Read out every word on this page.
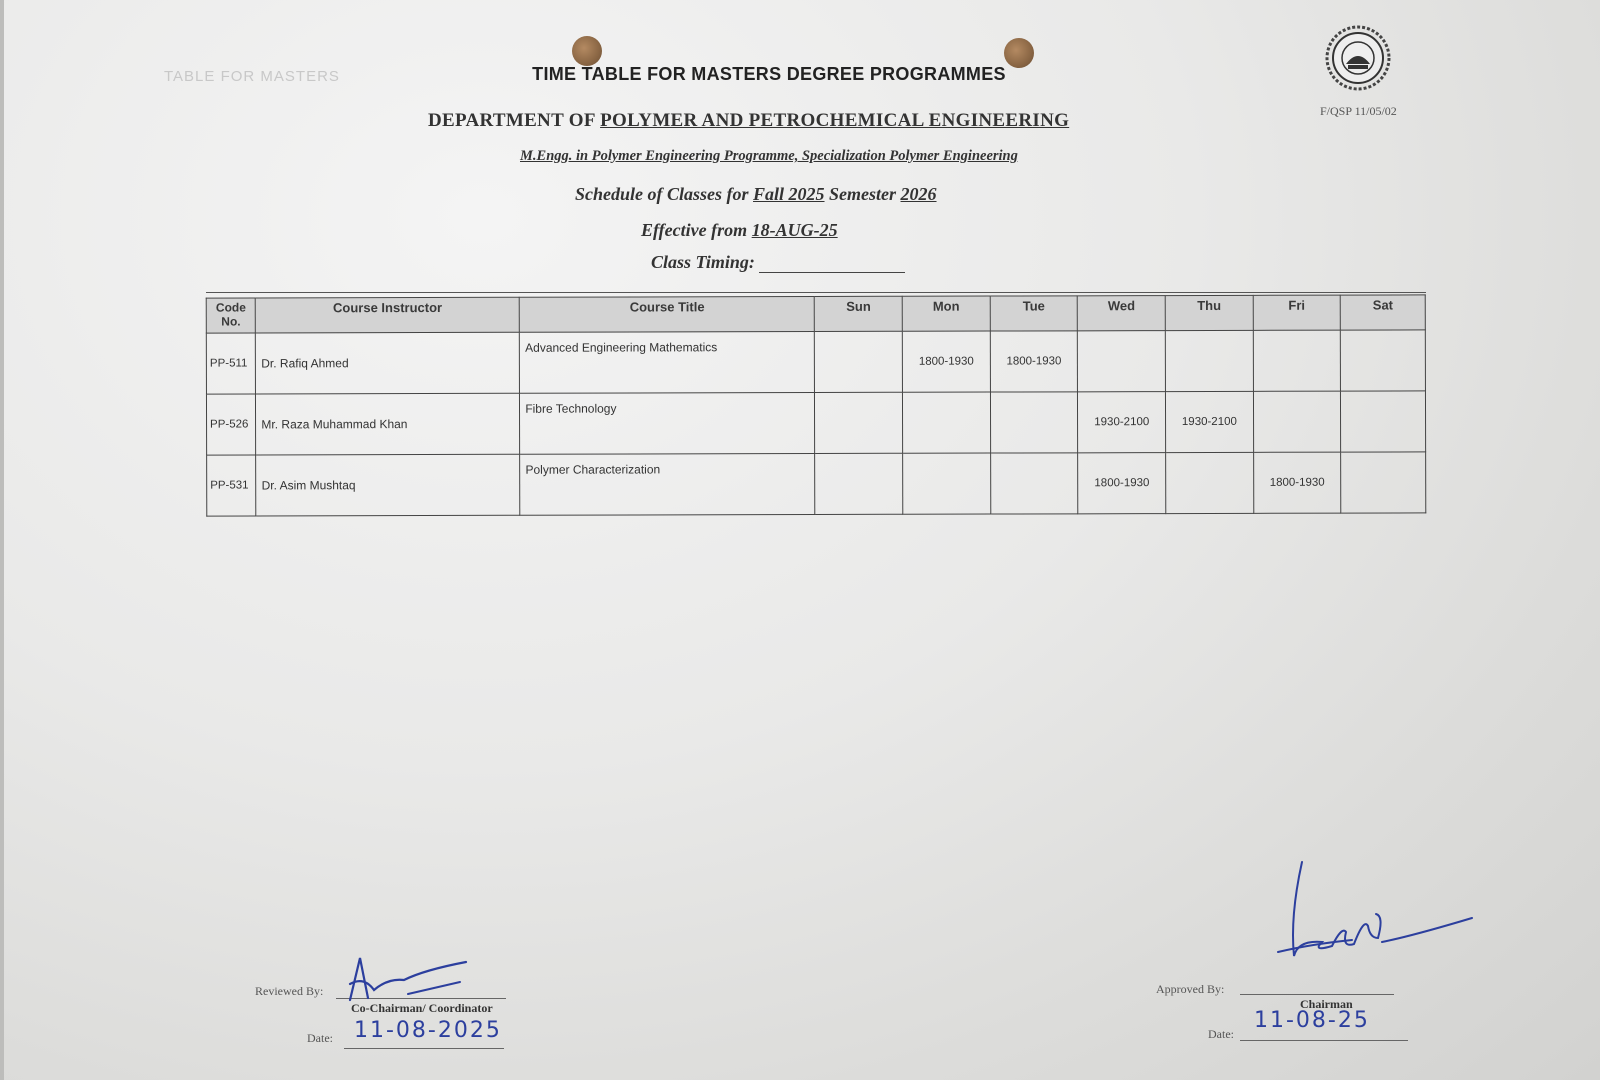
TABLE FOR MASTERS	TIME TABLE FOR MASTERS DEGREE PROGRAMMES
DEPARTMENT OF POLYMER AND PETROCHEMICAL ENGINEERING
M.Engg. in Polymer Engineering Programme, Specialization Polymer Engineering
Schedule of Classes for Fall 2025 Semester 2026
Effective from 18-AUG-25
Class Timing:
F/QSP 11/05/02
Code No.	Course Instructor	Course Title	Sun	Mon	Tue	Wed	Thu	Fri	Sat
PP-511	Dr. Rafiq Ahmed	Advanced Engineering Mathematics		1800-1930	1800-1930				
PP-526	Mr. Raza Muhammad Khan	Fibre Technology				1930-2100	1930-2100		
PP-531	Dr. Asim Mushtaq	Polymer Characterization				1800-1930		1800-1930	
Reviewed By:
Co-Chairman/ Coordinator
Date: 11-08-2025
Approved By:
Chairman
Date:
11-08-25
